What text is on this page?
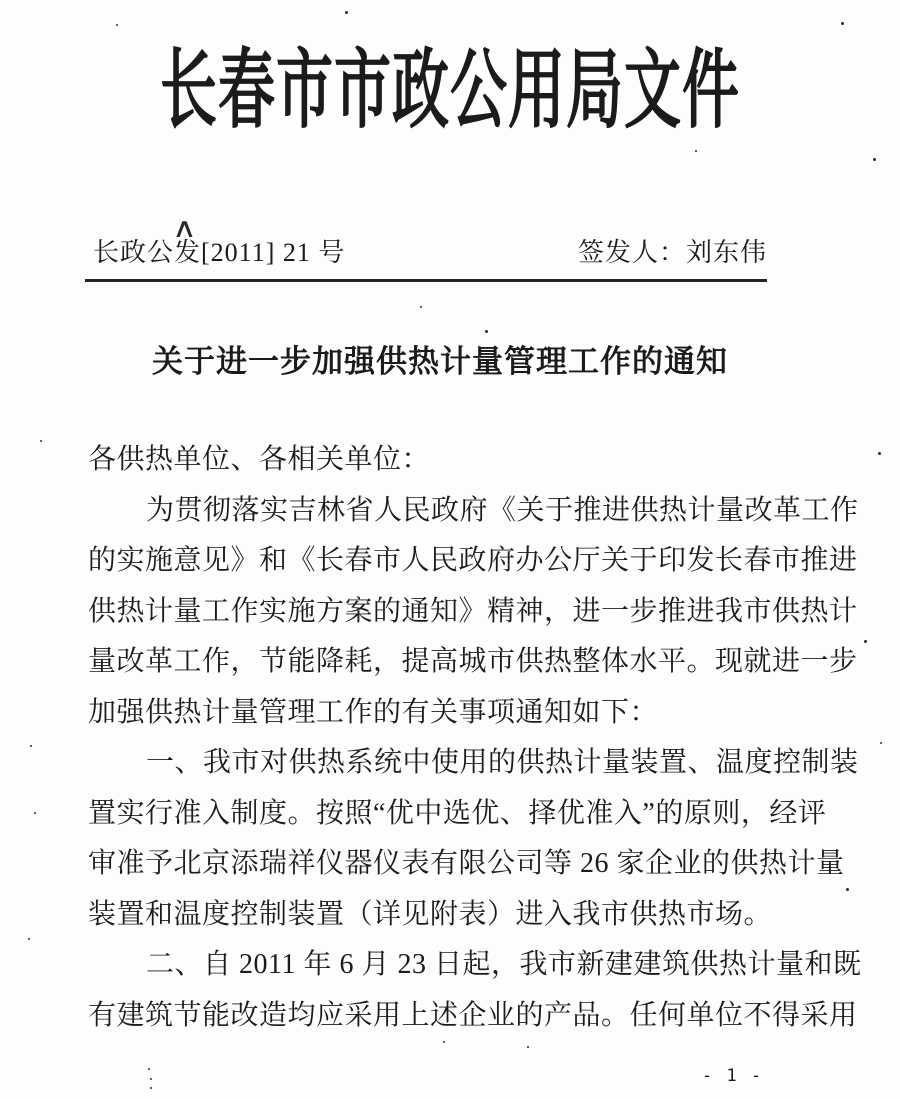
长春市市政公用局文件
∧
长政公发[2011] 21 号	签发人：刘东伟
关于进一步加强供热计量管理工作的通知
各供热单位、各相关单位：
为贯彻落实吉林省人民政府《关于推进供热计量改革工作
的实施意见》和《长春市人民政府办公厅关于印发长春市推进
供热计量工作实施方案的通知》精神，进一步推进我市供热计
量改革工作，节能降耗，提高城市供热整体水平。现就进一步
加强供热计量管理工作的有关事项通知如下：
一、我市对供热系统中使用的供热计量装置、温度控制装
置实行准入制度。按照“优中选优、择优准入”的原则，经评
审准予北京添瑞祥仪器仪表有限公司等 26 家企业的供热计量
装置和温度控制装置（详见附表）进入我市供热市场。
二、自 2011 年 6 月 23 日起，我市新建建筑供热计量和既
有建筑节能改造均应采用上述企业的产品。任何单位不得采用
- 1 -
